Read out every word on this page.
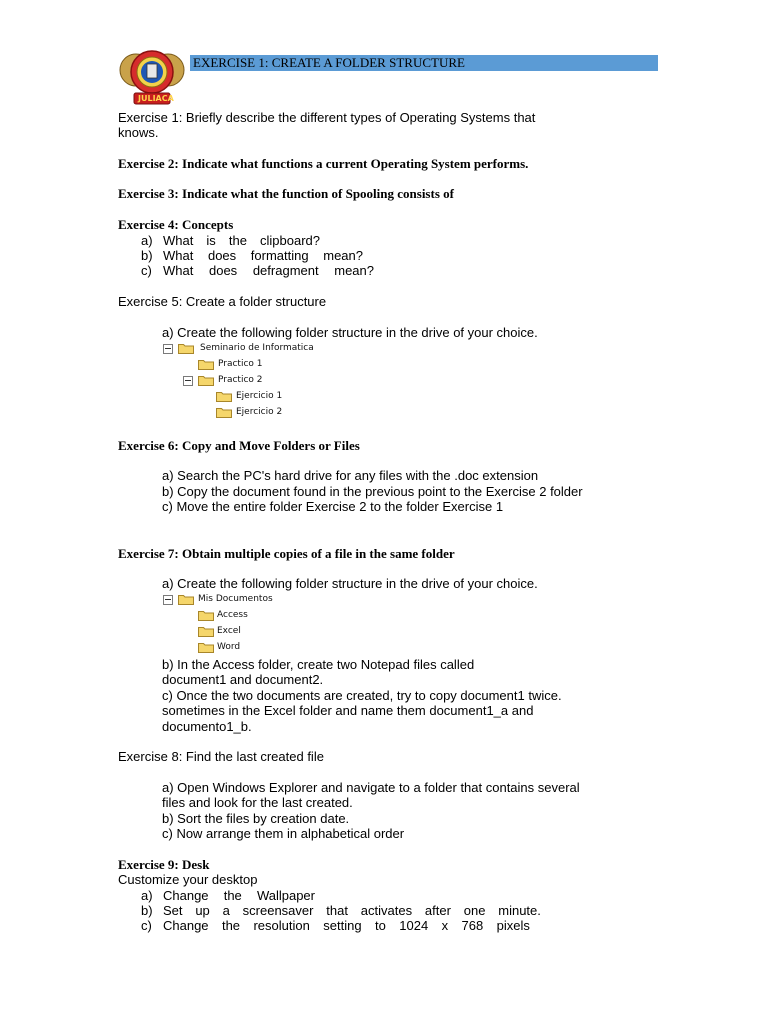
EXERCISE 1: CREATE A FOLDER STRUCTURE
JULIACA
Exercise 1: Briefly describe the different types of Operating Systems that
knows.
Exercise 2: Indicate what functions a current Operating System performs.
Exercise 3: Indicate what the function of Spooling consists of
Exercise 4: Concepts
a) What is the clipboard?
b) What does formatting mean?
c) What does defragment mean?
Exercise 5: Create a folder structure
a) Create the following folder structure in the drive of your choice.
Seminario de Informatica
Practico 1
Practico 2
Ejercicio 1
Ejercicio 2
Exercise 6: Copy and Move Folders or Files
a) Search the PC's hard drive for any files with the .doc extension
b) Copy the document found in the previous point to the Exercise 2 folder
c) Move the entire folder Exercise 2 to the folder Exercise 1
Exercise 7: Obtain multiple copies of a file in the same folder
a) Create the following folder structure in the drive of your choice.
Mis Documentos
Access
Excel
Word
b) In the Access folder, create two Notepad files called
document1 and document2.
c) Once the two documents are created, try to copy document1 twice.
sometimes in the Excel folder and name them document1_a and
documento1_b.
Exercise 8: Find the last created file
a) Open Windows Explorer and navigate to a folder that contains several
files and look for the last created.
b) Sort the files by creation date.
c) Now arrange them in alphabetical order
Exercise 9: Desk
Customize your desktop
a) Change the Wallpaper
b) Set up a screensaver that activates after one minute.
c) Change the resolution setting to 1024 x 768 pixels
